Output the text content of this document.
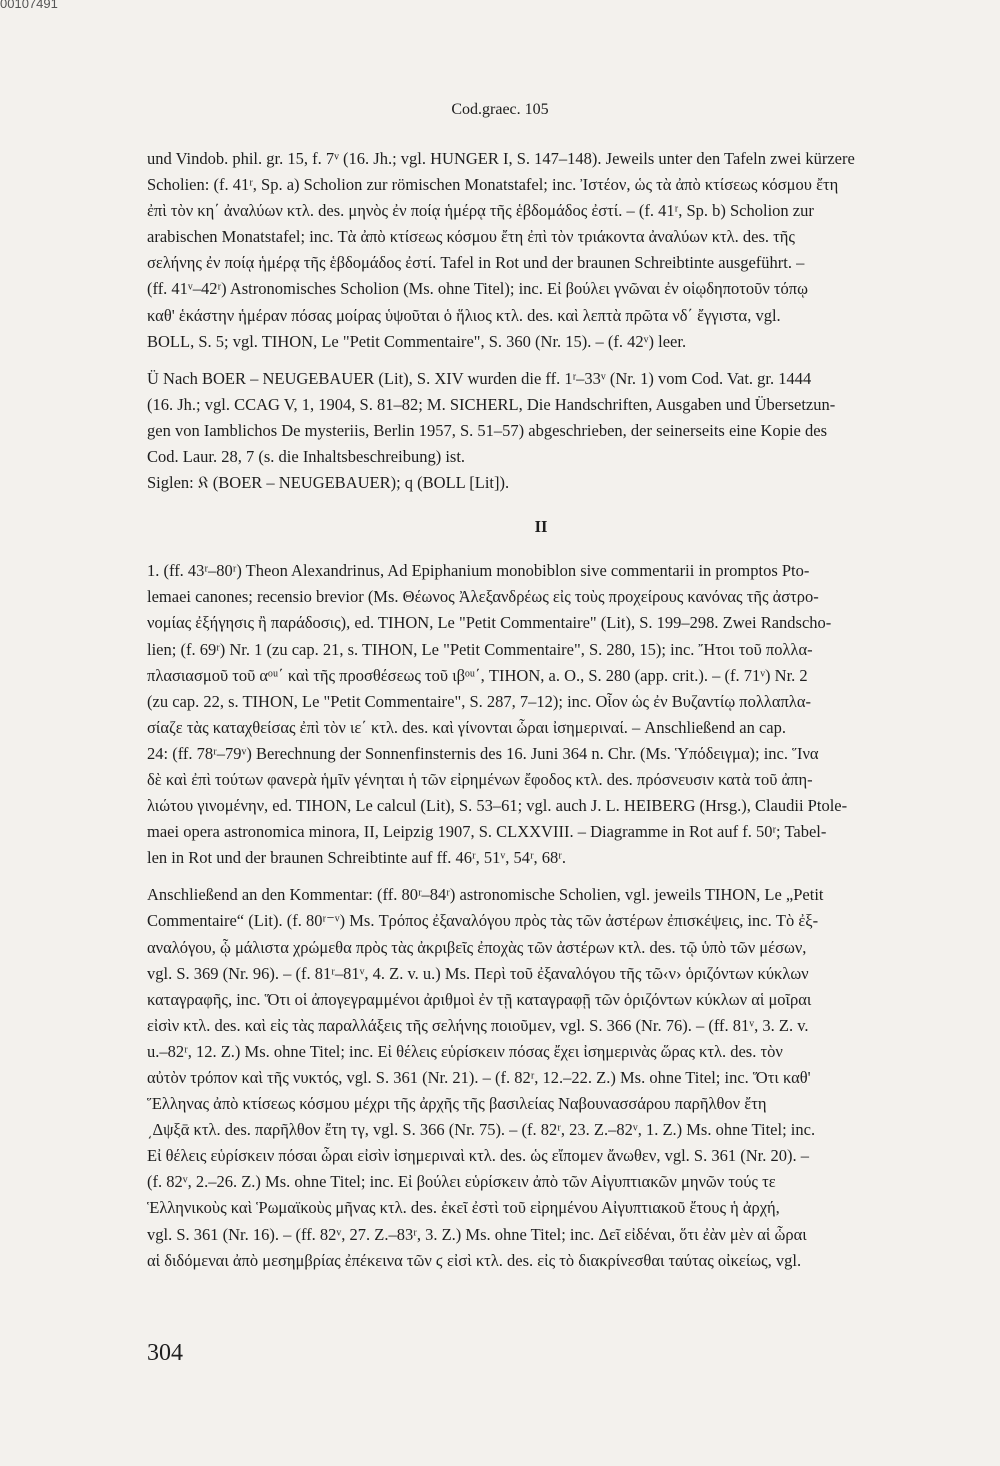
00107491
Cod.graec. 105
und Vindob. phil. gr. 15, f. 7ᵛ (16. Jh.; vgl. HUNGER I, S. 147–148). Jeweils unter den Tafeln zwei kürzere
Scholien: (f. 41ʳ, Sp. a) Scholion zur römischen Monatstafel; inc. Ἰστέον, ὡς τὰ ἀπὸ κτίσεως κόσμου ἔτη
ἐπὶ τὸν κη΄ ἀναλύων κτλ. des. μηνὸς ἐν ποίᾳ ἡμέρᾳ τῆς ἑβδομάδος ἐστί. – (f. 41ʳ, Sp. b) Scholion zur
arabischen Monatstafel; inc. Τὰ ἀπὸ κτίσεως κόσμου ἔτη ἐπὶ τὸν τριάκοντα ἀναλύων κτλ. des. τῆς
σελήνης ἐν ποίᾳ ἡμέρᾳ τῆς ἑβδομάδος ἐστί. Tafel in Rot und der braunen Schreibtinte ausgeführt. –
(ff. 41ᵛ–42ʳ) Astronomisches Scholion (Ms. ohne Titel); inc. Εἰ βούλει γνῶναι ἐν οἱῳδηποτοῦν τόπῳ
καθ' ἑκάστην ἡμέραν πόσας μοίρας ὑψοῦται ὁ ἥλιος κτλ. des. καὶ λεπτὰ πρῶτα νδ΄ ἔγγιστα, vgl.
BOLL, S. 5; vgl. TIHON, Le "Petit Commentaire", S. 360 (Nr. 15). – (f. 42ᵛ) leer.
Ü Nach BOER – NEUGEBAUER (Lit), S. XIV wurden die ff. 1ʳ–33ᵛ (Nr. 1) vom Cod. Vat. gr. 1444
(16. Jh.; vgl. CCAG V, 1, 1904, S. 81–82; M. SICHERL, Die Handschriften, Ausgaben und Übersetzun-
gen von Iamblichos De mysteriis, Berlin 1957, S. 51–57) abgeschrieben, der seinerseits eine Kopie des
Cod. Laur. 28, 7 (s. die Inhaltsbeschreibung) ist.
Siglen: 𝔎 (BOER – NEUGEBAUER); q (BOLL [Lit]).
II
1. (ff. 43ʳ–80ʳ) Theon Alexandrinus, Ad Epiphanium monobiblon sive commentarii in promptos Pto-
lemaei canones; recensio brevior (Ms. Θέωνος Ἀλεξανδρέως εἰς τοὺς προχείρους κανόνας τῆς ἀστρο-
νομίας ἐξήγησις ἢ παράδοσις), ed. TIHON, Le "Petit Commentaire" (Lit), S. 199–298. Zwei Randscho-
lien; (f. 69ʳ) Nr. 1 (zu cap. 21, s. TIHON, Le "Petit Commentaire", S. 280, 15); inc. Ἤτοι τοῦ πολλα-
πλασιασμοῦ τοῦ αᵒᵘ΄ καὶ τῆς προσθέσεως τοῦ ιβᵒᵘ΄, TIHON, a. O., S. 280 (app. crit.). – (f. 71ᵛ) Nr. 2
(zu cap. 22, s. TIHON, Le "Petit Commentaire", S. 287, 7–12); inc. Οἷον ὡς ἐν Βυζαντίῳ πολλαπλα-
σίαζε τὰς καταχθείσας ἐπὶ τὸν ιε΄ κτλ. des. καὶ γίνονται ὧραι ἰσημεριναί. – Anschließend an cap.
24: (ff. 78ʳ–79ᵛ) Berechnung der Sonnenfinsternis des 16. Juni 364 n. Chr. (Ms. Ὑπόδειγμα); inc. Ἵνα
δὲ καὶ ἐπὶ τούτων φανερὰ ἡμῖν γένηται ἡ τῶν εἰρημένων ἔφοδος κτλ. des. πρόσνευσιν κατὰ τοῦ ἀπη-
λιώτου γινομένην, ed. TIHON, Le calcul (Lit), S. 53–61; vgl. auch J. L. HEIBERG (Hrsg.), Claudii Ptole-
maei opera astronomica minora, II, Leipzig 1907, S. CLXXVIII. – Diagramme in Rot auf f. 50ʳ; Tabel-
len in Rot und der braunen Schreibtinte auf ff. 46ʳ, 51ᵛ, 54ʳ, 68ʳ.
Anschließend an den Kommentar: (ff. 80ʳ–84ʳ) astronomische Scholien, vgl. jeweils TIHON, Le „Petit
Commentaire“ (Lit). (f. 80ʳ⁻ᵛ) Ms. Τρόπος ἐξαναλόγου πρὸς τὰς τῶν ἀστέρων ἐπισκέψεις, inc. Τὸ ἐξ-
αναλόγου, ᾧ μάλιστα χρώμεθα πρὸς τὰς ἀκριβεῖς ἐποχὰς τῶν ἀστέρων κτλ. des. τῷ ὑπὸ τῶν μέσων,
vgl. S. 369 (Nr. 96). – (f. 81ʳ–81ᵛ, 4. Z. v. u.) Ms. Περὶ τοῦ ἐξαναλόγου τῆς τῶ‹ν› ὁριζόντων κύκλων
καταγραφῆς, inc. Ὅτι οἱ ἀπογεγραμμένοι ἀριθμοὶ ἐν τῇ καταγραφῇ τῶν ὁριζόντων κύκλων αἱ μοῖραι
εἰσὶν κτλ. des. καὶ εἰς τὰς παραλλάξεις τῆς σελήνης ποιοῦμεν, vgl. S. 366 (Nr. 76). – (ff. 81ᵛ, 3. Z. v.
u.–82ʳ, 12. Z.) Ms. ohne Titel; inc. Εἰ θέλεις εὑρίσκειν πόσας ἔχει ἰσημερινὰς ὥρας κτλ. des. τὸν
αὐτὸν τρόπον καὶ τῆς νυκτός, vgl. S. 361 (Nr. 21). – (f. 82ʳ, 12.–22. Z.) Ms. ohne Titel; inc. Ὅτι καθ'
Ἕλληνας ἀπὸ κτίσεως κόσμου μέχρι τῆς ἀρχῆς τῆς βασιλείας Ναβουνασσάρου παρῆλθον ἔτη
͵Δψξᾱ κτλ. des. παρῆλθον ἔτη τγ, vgl. S. 366 (Nr. 75). – (f. 82ʳ, 23. Z.–82ᵛ, 1. Z.) Ms. ohne Titel; inc.
Εἰ θέλεις εὑρίσκειν πόσαι ὧραι εἰσὶν ἰσημεριναὶ κτλ. des. ὡς εἴπομεν ἄνωθεν, vgl. S. 361 (Nr. 20). –
(f. 82ᵛ, 2.–26. Z.) Ms. ohne Titel; inc. Εἰ βούλει εὑρίσκειν ἀπὸ τῶν Αἰγυπτιακῶν μηνῶν τούς τε
Ἑλληνικοὺς καὶ Ῥωμαϊκοὺς μῆνας κτλ. des. ἐκεῖ ἐστὶ τοῦ εἰρημένου Αἰγυπτιακοῦ ἔτους ἡ ἀρχή,
vgl. S. 361 (Nr. 16). – (ff. 82ᵛ, 27. Z.–83ʳ, 3. Z.) Ms. ohne Titel; inc. Δεῖ εἰδέναι, ὅτι ἐὰν μὲν αἱ ὧραι
αἱ διδόμεναι ἀπὸ μεσημβρίας ἐπέκεινα τῶν ϛ εἰσὶ κτλ. des. εἰς τὸ διακρίνεσθαι ταύτας οἰκείως, vgl.
304
